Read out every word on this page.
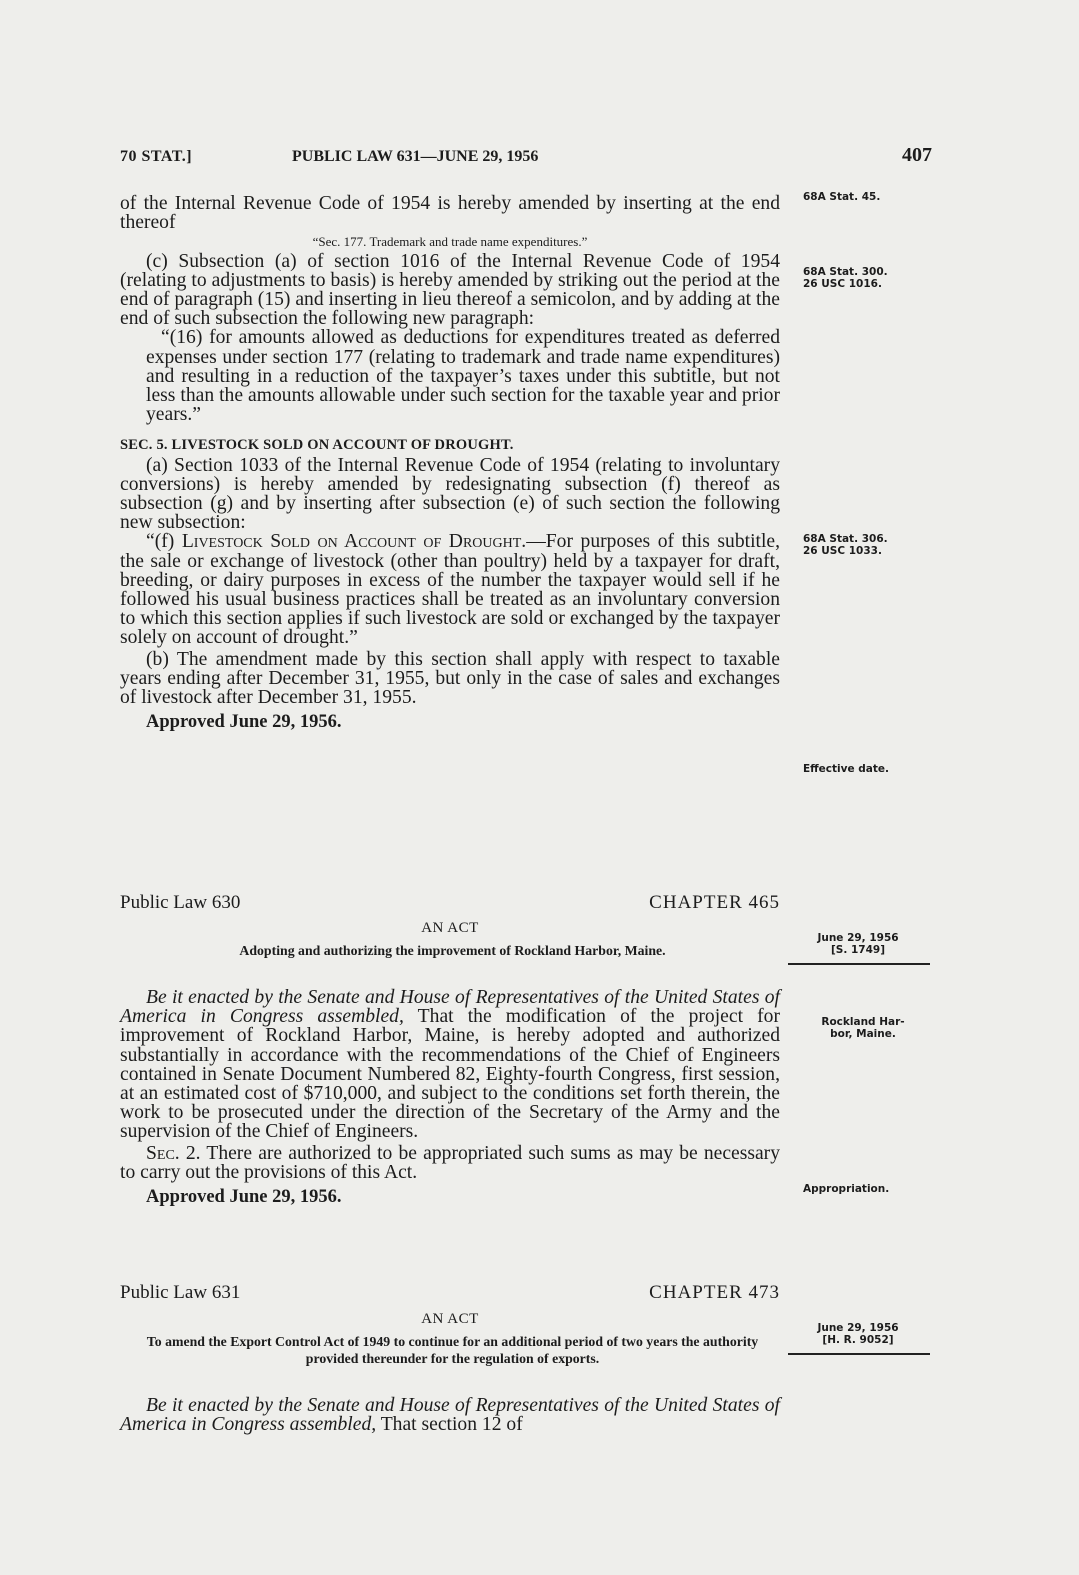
70 STAT.]	PUBLIC LAW 631—JUNE 29, 1956	407

of the Internal Revenue Code of 1954 is hereby amended by inserting at the end thereof

“Sec. 177. Trademark and trade name expenditures.”

(c) Subsection (a) of section 1016 of the Internal Revenue Code of 1954 (relating to adjustments to basis) is hereby amended by striking out the period at the end of paragraph (15) and inserting in lieu thereof a semicolon, and by adding at the end of such subsection the following new paragraph:

“(16) for amounts allowed as deductions for expenditures treated as deferred expenses under section 177 (relating to trademark and trade name expenditures) and resulting in a reduction of the taxpayer’s taxes under this subtitle, but not less than the amounts allowable under such section for the taxable year and prior years.”

SEC. 5. LIVESTOCK SOLD ON ACCOUNT OF DROUGHT.

(a) Section 1033 of the Internal Revenue Code of 1954 (relating to involuntary conversions) is hereby amended by redesignating subsection (f) thereof as subsection (g) and by inserting after subsection (e) of such section the following new subsection:

“(f) Livestock Sold on Account of Drought.—For purposes of this subtitle, the sale or exchange of livestock (other than poultry) held by a taxpayer for draft, breeding, or dairy purposes in excess of the number the taxpayer would sell if he followed his usual business practices shall be treated as an involuntary conversion to which this section applies if such livestock are sold or exchanged by the taxpayer solely on account of drought.”

(b) The amendment made by this section shall apply with respect to taxable years ending after December 31, 1955, but only in the case of sales and exchanges of livestock after December 31, 1955.

Approved June 29, 1956.

Public Law 630	CHAPTER 465
AN ACT
Adopting and authorizing the improvement of Rockland Harbor, Maine.

Be it enacted by the Senate and House of Representatives of the United States of America in Congress assembled, That the modification of the project for improvement of Rockland Harbor, Maine, is hereby adopted and authorized substantially in accordance with the recommendations of the Chief of Engineers contained in Senate Document Numbered 82, Eighty-fourth Congress, first session, at an estimated cost of $710,000, and subject to the conditions set forth therein, the work to be prosecuted under the direction of the Secretary of the Army and the supervision of the Chief of Engineers.

Sec. 2. There are authorized to be appropriated such sums as may be necessary to carry out the provisions of this Act.

Approved June 29, 1956.

Public Law 631	CHAPTER 473
AN ACT
To amend the Export Control Act of 1949 to continue for an additional period of two years the authority provided thereunder for the regulation of exports.

Be it enacted by the Senate and House of Representatives of the United States of America in Congress assembled, That section 12 of

68A Stat. 45.
68A Stat. 300.
26 USC 1016.
68A Stat. 306.
26 USC 1033.
Effective date.
June 29, 1956
[S. 1749]
Rockland Har-
bor, Maine.
Appropriation.
June 29, 1956
[H. R. 9052]
